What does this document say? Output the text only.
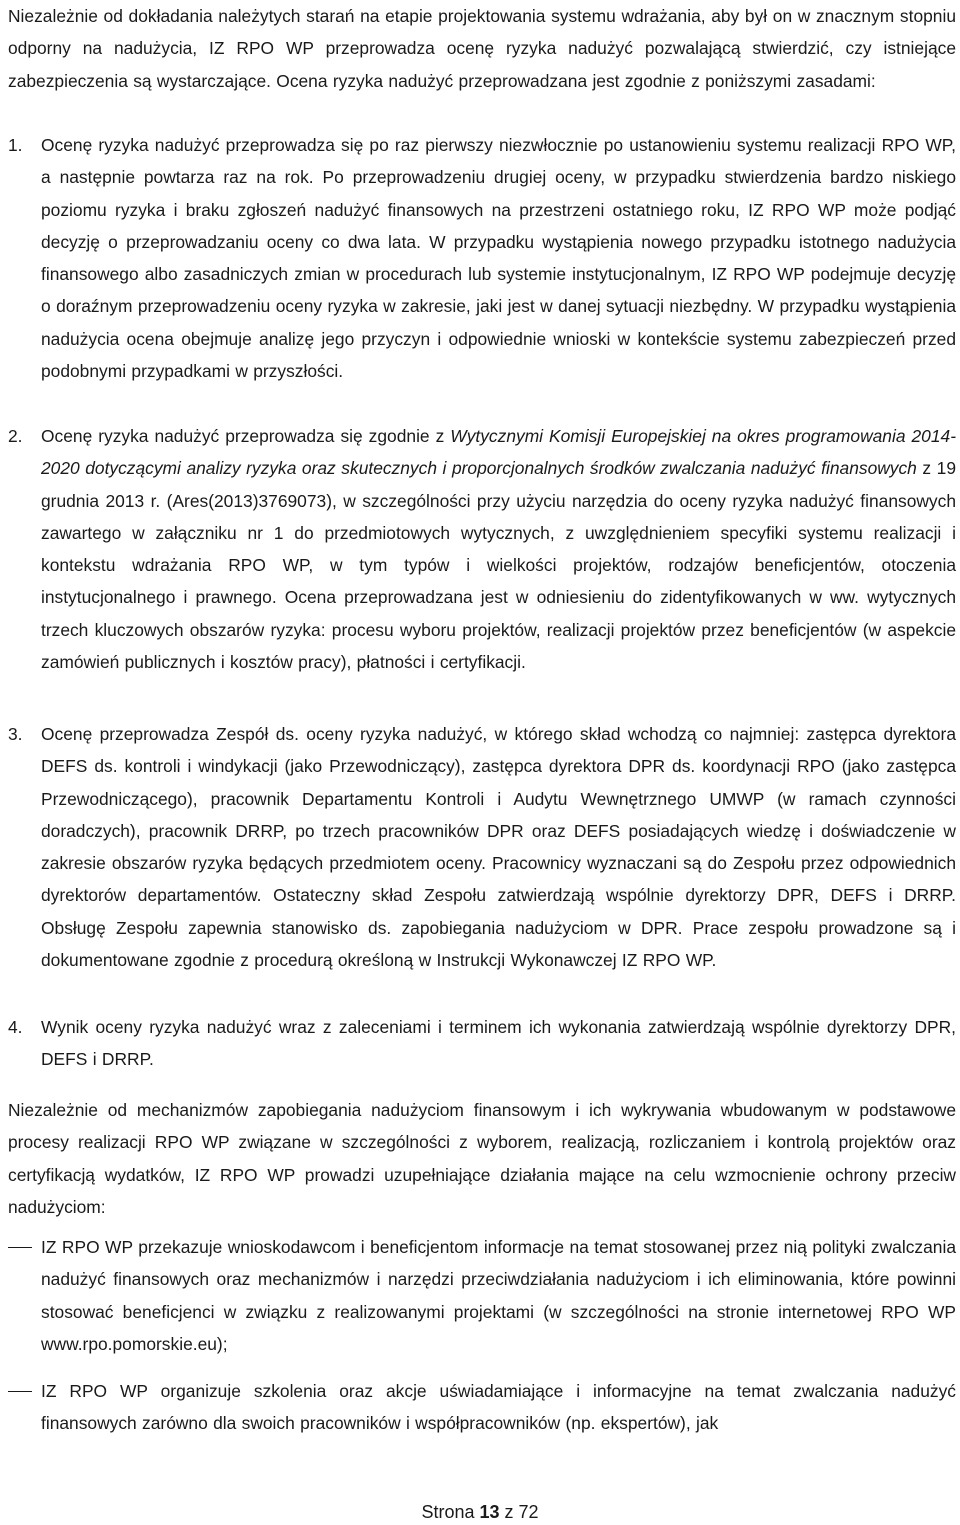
Niezależnie od dokładania należytych starań na etapie projektowania systemu wdrażania, aby był on w znacznym stopniu odporny na nadużycia, IZ RPO WP przeprowadza ocenę ryzyka nadużyć pozwalającą stwierdzić, czy istniejące zabezpieczenia są wystarczające. Ocena ryzyka nadużyć przeprowadzana jest zgodnie z poniższymi zasadami:
1.	Ocenę ryzyka nadużyć przeprowadza się po raz pierwszy niezwłocznie po ustanowieniu systemu realizacji RPO WP, a następnie powtarza raz na rok. Po przeprowadzeniu drugiej oceny, w przypadku stwierdzenia bardzo niskiego poziomu ryzyka i braku zgłoszeń nadużyć finansowych na przestrzeni ostatniego roku, IZ RPO WP może podjąć decyzję o przeprowadzaniu oceny co dwa lata. W przypadku wystąpienia nowego przypadku istotnego nadużycia finansowego albo zasadniczych zmian w procedurach lub systemie instytucjonalnym, IZ RPO WP podejmuje decyzję o doraźnym przeprowadzeniu oceny ryzyka w zakresie, jaki jest w danej sytuacji niezbędny. W przypadku wystąpienia nadużycia ocena obejmuje analizę jego przyczyn i odpowiednie wnioski w kontekście systemu zabezpieczeń przed podobnymi przypadkami w przyszłości.
2.	Ocenę ryzyka nadużyć przeprowadza się zgodnie z Wytycznymi Komisji Europejskiej na okres programowania 2014-2020 dotyczącymi analizy ryzyka oraz skutecznych i proporcjonalnych środków zwalczania nadużyć finansowych z 19 grudnia 2013 r. (Ares(2013)3769073), w szczególności przy użyciu narzędzia do oceny ryzyka nadużyć finansowych zawartego w załączniku nr 1 do przedmiotowych wytycznych, z uwzględnieniem specyfiki systemu realizacji i kontekstu wdrażania RPO WP, w tym typów i wielkości projektów, rodzajów beneficjentów, otoczenia instytucjonalnego i prawnego. Ocena przeprowadzana jest w odniesieniu do zidentyfikowanych w ww. wytycznych trzech kluczowych obszarów ryzyka: procesu wyboru projektów, realizacji projektów przez beneficjentów (w aspekcie zamówień publicznych i kosztów pracy), płatności i certyfikacji.
3.	Ocenę przeprowadza Zespół ds. oceny ryzyka nadużyć, w którego skład wchodzą co najmniej: zastępca dyrektora DEFS ds. kontroli i windykacji (jako Przewodniczący), zastępca dyrektora DPR ds. koordynacji RPO (jako zastępca Przewodniczącego), pracownik Departamentu Kontroli i Audytu Wewnętrznego UMWP (w ramach czynności doradczych), pracownik DRRP, po trzech pracowników DPR oraz DEFS posiadających wiedzę i doświadczenie w zakresie obszarów ryzyka będących przedmiotem oceny. Pracownicy wyznaczani są do Zespołu przez odpowiednich dyrektorów departamentów. Ostateczny skład Zespołu zatwierdzają wspólnie dyrektorzy DPR, DEFS i DRRP. Obsługę Zespołu zapewnia stanowisko ds. zapobiegania nadużyciom w DPR. Prace zespołu prowadzone są i dokumentowane zgodnie z procedurą określoną w Instrukcji Wykonawczej IZ RPO WP.
4.	Wynik oceny ryzyka nadużyć wraz z zaleceniami i terminem ich wykonania zatwierdzają wspólnie dyrektorzy DPR, DEFS i DRRP.
Niezależnie od mechanizmów zapobiegania nadużyciom finansowym i ich wykrywania wbudowanym w podstawowe procesy realizacji RPO WP związane w szczególności z wyborem, realizacją, rozliczaniem i kontrolą projektów oraz certyfikacją wydatków, IZ RPO WP prowadzi uzupełniające działania mające na celu wzmocnienie ochrony przeciw nadużyciom:
IZ RPO WP przekazuje wnioskodawcom i beneficjentom informacje na temat stosowanej przez nią polityki zwalczania nadużyć finansowych oraz mechanizmów i narzędzi przeciwdziałania nadużyciom i ich eliminowania, które powinni stosować beneficjenci w związku z realizowanymi projektami (w szczególności na stronie internetowej RPO WP www.rpo.pomorskie.eu);
IZ RPO WP organizuje szkolenia oraz akcje uświadamiające i informacyjne na temat zwalczania nadużyć finansowych zarówno dla swoich pracowników i współpracowników (np. ekspertów), jak
Strona 13 z 72
